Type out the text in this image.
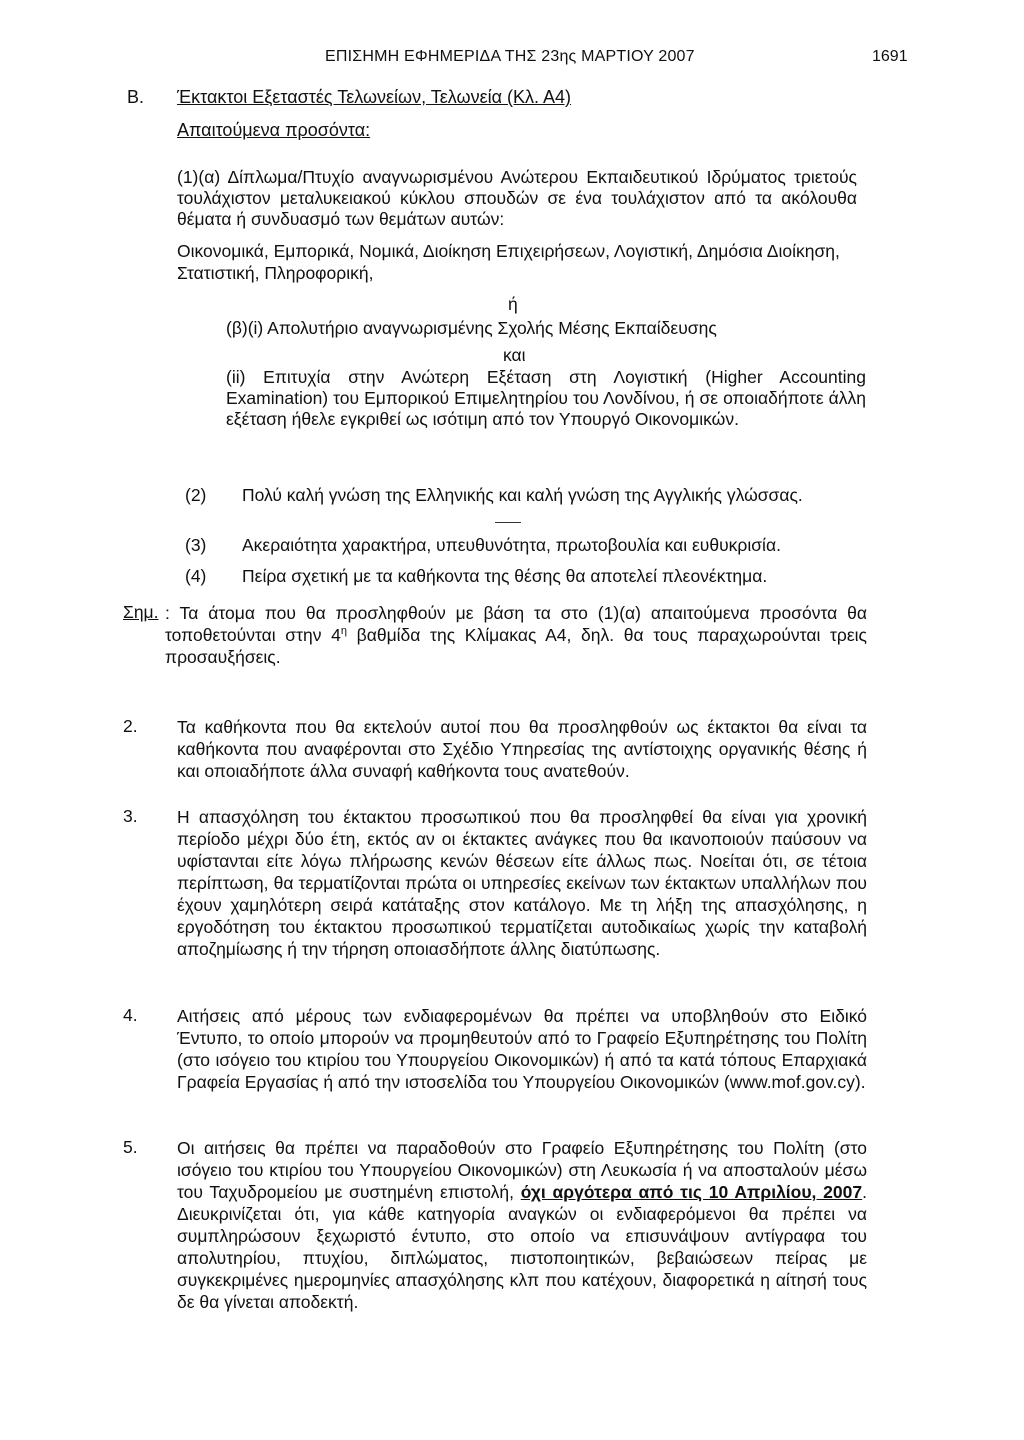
ΕΠΙΣΗΜΗ ΕΦΗΜΕΡΙΔΑ ΤΗΣ 23ης ΜΑΡΤΙΟΥ 2007	1691
Β. Έκτακτοι Εξεταστές Τελωνείων, Τελωνεία (Κλ. Α4)
Απαιτούμενα προσόντα:
(1)(α) Δίπλωμα/Πτυχίο αναγνωρισμένου Ανώτερου Εκπαιδευτικού Ιδρύματος τριετούς τουλάχιστον μεταλυκειακού κύκλου σπουδών σε ένα τουλάχιστον από τα ακόλουθα θέματα ή συνδυασμό των θεμάτων αυτών:
Οικονομικά, Εμπορικά, Νομικά, Διοίκηση Επιχειρήσεων, Λογιστική, Δημόσια Διοίκηση, Στατιστική, Πληροφορική,
ή
(β)(i) Απολυτήριο αναγνωρισμένης Σχολής Μέσης Εκπαίδευσης
και
(ii) Επιτυχία στην Ανώτερη Εξέταση στη Λογιστική (Higher Accounting Examination) του Εμπορικού Επιμελητηρίου του Λονδίνου, ή σε οποιαδήποτε άλλη εξέταση ήθελε εγκριθεί ως ισότιμη από τον Υπουργό Οικονομικών.
(2) Πολύ καλή γνώση της Ελληνικής και καλή γνώση της Αγγλικής γλώσσας.
(3) Ακεραιότητα χαρακτήρα, υπευθυνότητα, πρωτοβουλία και ευθυκρισία.
(4) Πείρα σχετική με τα καθήκοντα της θέσης θα αποτελεί πλεονέκτημα.
Σημ. : Τα άτομα που θα προσληφθούν με βάση τα στο (1)(α) απαιτούμενα προσόντα θα τοποθετούνται στην $4^\eta$ βαθμίδα της Κλίμακας Α4, δηλ. θα τους παραχωρούνται τρεις προσαυξήσεις.
2. Τα καθήκοντα που θα εκτελούν αυτοί που θα προσληφθούν ως έκτακτοι θα είναι τα καθήκοντα που αναφέρονται στο Σχέδιο Υπηρεσίας της αντίστοιχης οργανικής θέσης ή και οποιαδήποτε άλλα συναφή καθήκοντα τους ανατεθούν.
3. Η απασχόληση του έκτακτου προσωπικού που θα προσληφθεί θα είναι για χρονική περίοδο μέχρι δύο έτη, εκτός αν οι έκτακτες ανάγκες που θα ικανοποιούν παύσουν να υφίστανται είτε λόγω πλήρωσης κενών θέσεων είτε άλλως πως. Νοείται ότι, σε τέτοια περίπτωση, θα τερματίζονται πρώτα οι υπηρεσίες εκείνων των έκτακτων υπαλλήλων που έχουν χαμηλότερη σειρά κατάταξης στον κατάλογο. Με τη λήξη της απασχόλησης, η εργοδότηση του έκτακτου προσωπικού τερματίζεται αυτοδικαίως χωρίς την καταβολή αποζημίωσης ή την τήρηση οποιασδήποτε άλλης διατύπωσης.
4. Αιτήσεις από μέρους των ενδιαφερομένων θα πρέπει να υποβληθούν στο Ειδικό Έντυπο, το οποίο μπορούν να προμηθευτούν από το Γραφείο Εξυπηρέτησης του Πολίτη (στο ισόγειο του κτιρίου του Υπουργείου Οικονομικών) ή από τα κατά τόπους Επαρχιακά Γραφεία Εργασίας ή από την ιστοσελίδα του Υπουργείου Οικονομικών (www.mof.gov.cy).
5. Οι αιτήσεις θα πρέπει να παραδοθούν στο Γραφείο Εξυπηρέτησης του Πολίτη (στο ισόγειο του κτιρίου του Υπουργείου Οικονομικών) στη Λευκωσία ή να αποσταλούν μέσω του Ταχυδρομείου με συστημένη επιστολή, όχι αργότερα από τις 10 Απριλίου, 2007. Διευκρινίζεται ότι, για κάθε κατηγορία αναγκών οι ενδιαφερόμενοι θα πρέπει να συμπληρώσουν ξεχωριστό έντυπο, στο οποίο να επισυνάψουν αντίγραφα του απολυτηρίου, πτυχίου, διπλώματος, πιστοποιητικών, βεβαιώσεων πείρας με συγκεκριμένες ημερομηνίες απασχόλησης κλπ που κατέχουν, διαφορετικά η αίτησή τους δε θα γίνεται αποδεκτή.
